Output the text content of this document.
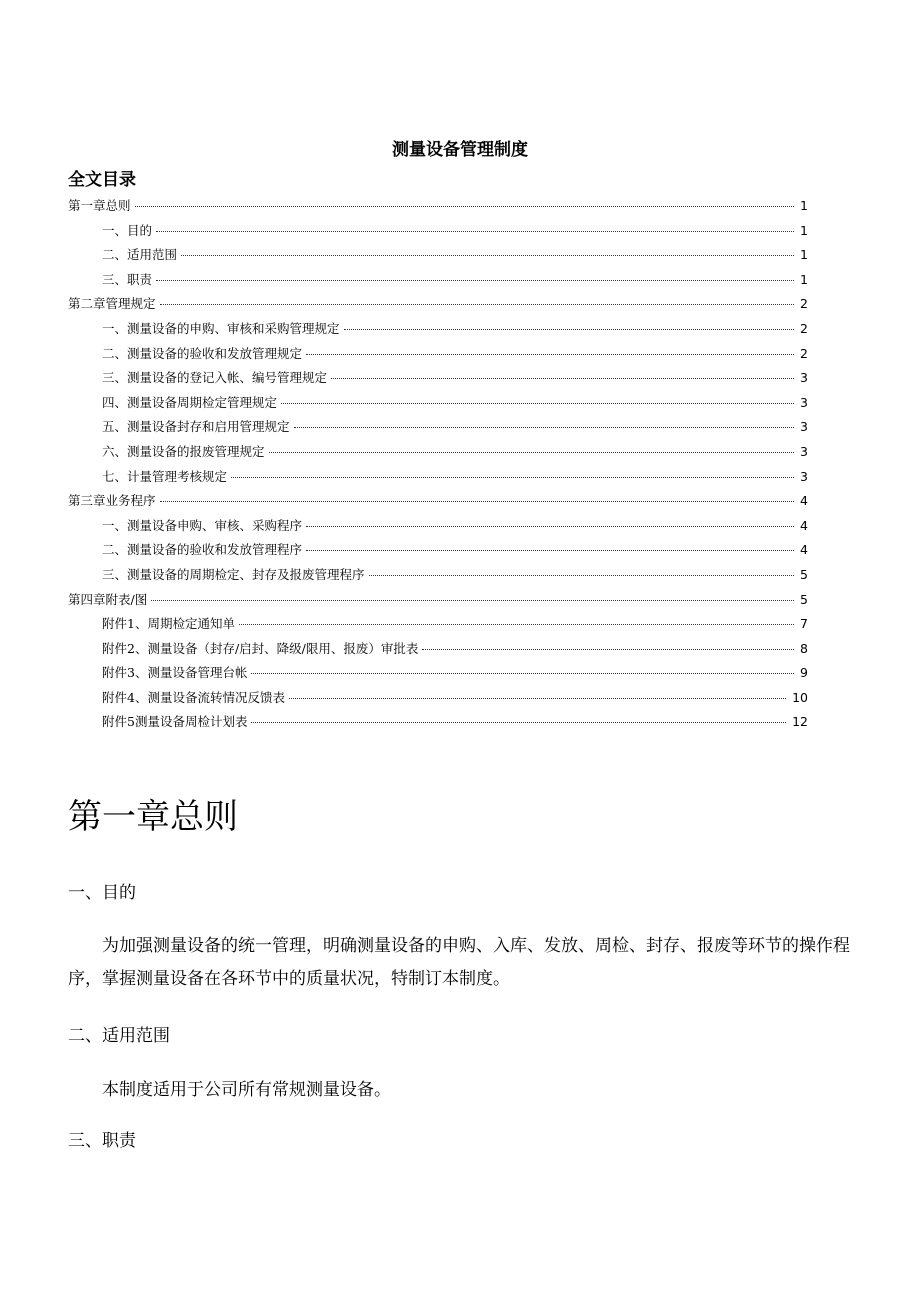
测量设备管理制度
全文目录
第一章总则	1
一、目的	1
二、适用范围	1
三、职责	1
第二章管理规定	2
一、测量设备的申购、审核和采购管理规定	2
二、测量设备的验收和发放管理规定	2
三、测量设备的登记入帐、编号管理规定	3
四、测量设备周期检定管理规定	3
五、测量设备封存和启用管理规定	3
六、测量设备的报废管理规定	3
七、计量管理考核规定	3
第三章业务程序	4
一、测量设备申购、审核、采购程序	4
二、测量设备的验收和发放管理程序	4
三、测量设备的周期检定、封存及报废管理程序	5
第四章附表/图	5
附件1、周期检定通知单	7
附件2、测量设备（封存/启封、降级/限用、报废）审批表	8
附件3、测量设备管理台帐	9
附件4、测量设备流转情况反馈表	10
附件5测量设备周检计划表	12
第一章总则
一、目的
为加强测量设备的统一管理，明确测量设备的申购、入库、发放、周检、封存、报废等环节的操作程序，掌握测量设备在各环节中的质量状况，特制订本制度。
二、适用范围
本制度适用于公司所有常规测量设备。
三、职责
